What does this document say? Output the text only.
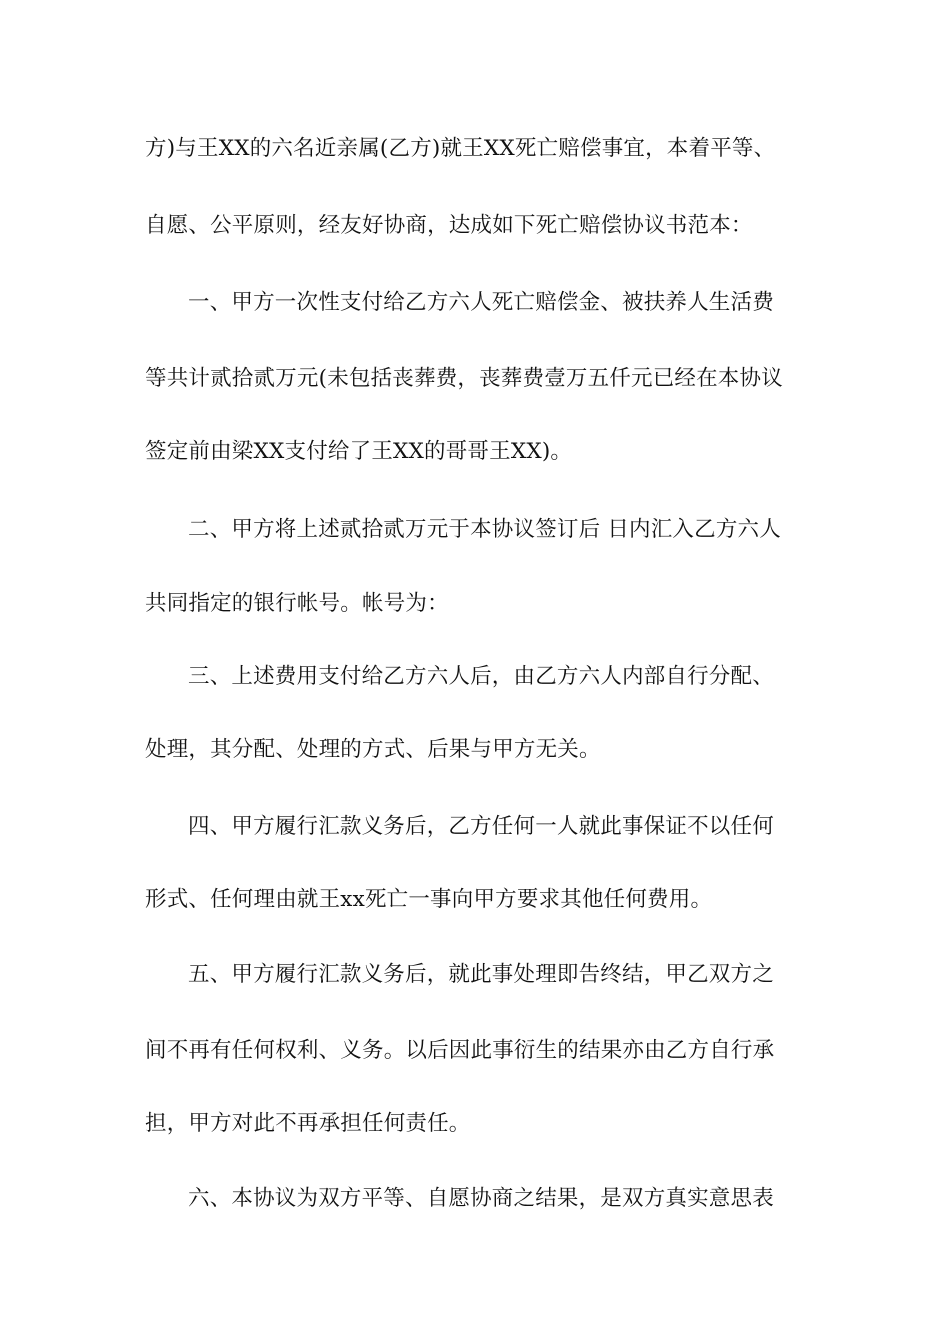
方)与王XX的六名近亲属(乙方)就王XX死亡赔偿事宜，本着平等、
自愿、公平原则，经友好协商，达成如下死亡赔偿协议书范本：
一、甲方一次性支付给乙方六人死亡赔偿金、被扶养人生活费
等共计贰拾贰万元(未包括丧葬费，丧葬费壹万五仟元已经在本协议
签定前由梁XX支付给了王XX的哥哥王XX)。
二、甲方将上述贰拾贰万元于本协议签订后 日内汇入乙方六人
共同指定的银行帐号。帐号为：
三、上述费用支付给乙方六人后，由乙方六人内部自行分配、
处理，其分配、处理的方式、后果与甲方无关。
四、甲方履行汇款义务后，乙方任何一人就此事保证不以任何
形式、任何理由就王xx死亡一事向甲方要求其他任何费用。
五、甲方履行汇款义务后，就此事处理即告终结，甲乙双方之
间不再有任何权利、义务。以后因此事衍生的结果亦由乙方自行承
担，甲方对此不再承担任何责任。
六、本协议为双方平等、自愿协商之结果，是双方真实意思表
